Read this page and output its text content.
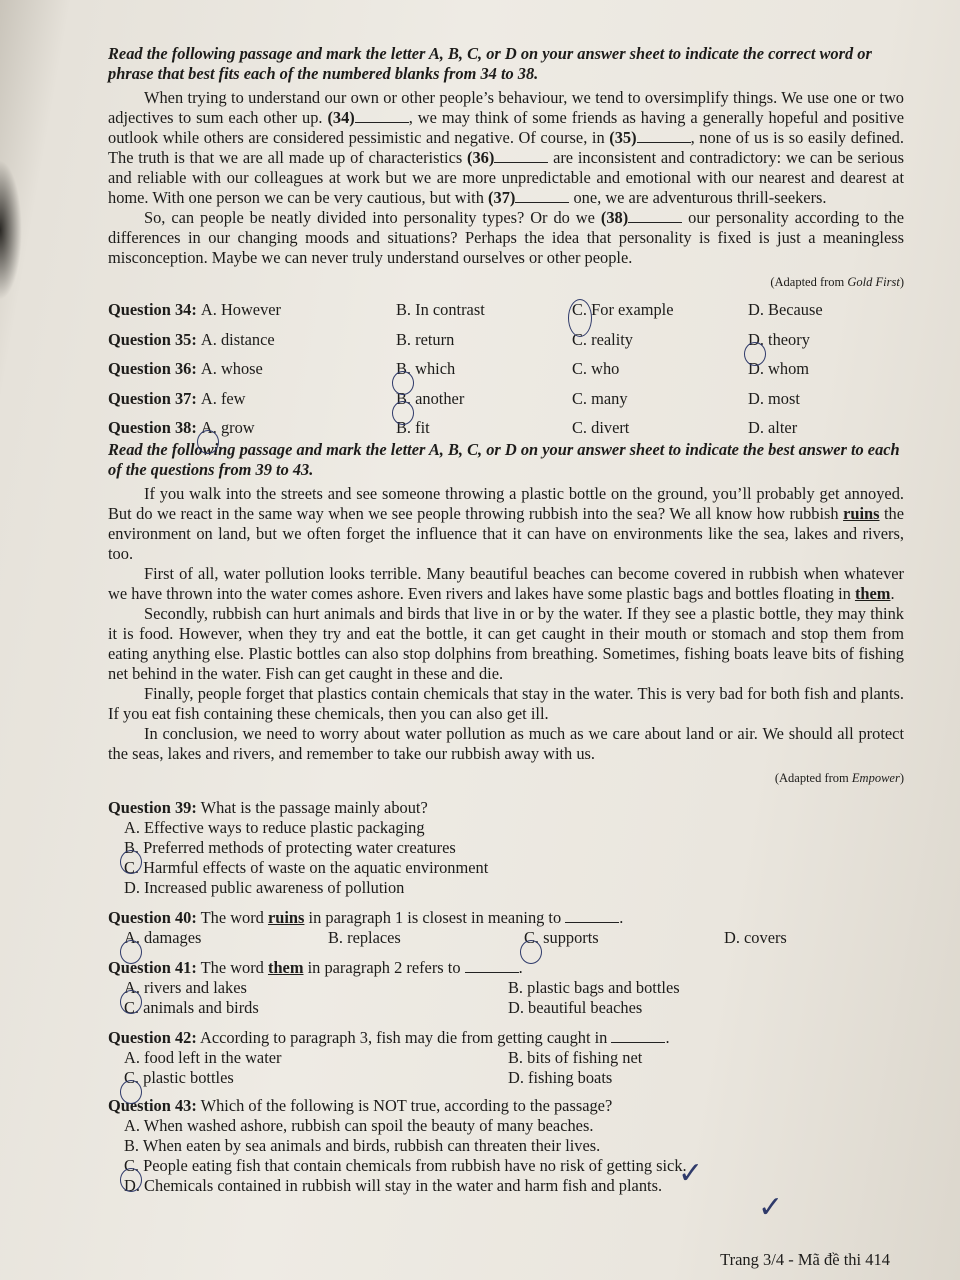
Read the following passage and mark the letter A, B, C, or D on your answer sheet to indicate the correct word or phrase that best fits each of the numbered blanks from 34 to 38.

When trying to understand our own or other people’s behaviour, we tend to oversimplify things. We use one or two adjectives to sum each other up. (34)	, we may think of some friends as having a generally hopeful and positive outlook while others are considered pessimistic and negative. Of course, in (35)	, none of us is so easily defined. The truth is that we are all made up of characteristics (36)	are inconsistent and contradictory: we can be serious and reliable with our colleagues at work but we are more unpredictable and emotional with our nearest and dearest at home. With one person we can be very cautious, but with (37)	one, we are adventurous thrill-seekers.

So, can people be neatly divided into personality types? Or do we (38)	our personality according to the differences in our changing moods and situations? Perhaps the idea that personality is fixed is just a meaningless misconception. Maybe we can never truly understand ourselves or other people.

(Adapted from Gold First)
Question 34: A. However	B. In contrast	C. For example	D. Because
Question 35: A. distance	B. return	C. reality	D. theory
Question 36: A. whose	B. which	C. who	D. whom
Question 37: A. few	B. another	C. many	D. most
Question 38: A. grow	B. fit	C. divert	D. alter

Read the following passage and mark the letter A, B, C, or D on your answer sheet to indicate the best answer to each of the questions from 39 to 43.

If you walk into the streets and see someone throwing a plastic bottle on the ground, you’ll probably get annoyed. But do we react in the same way when we see people throwing rubbish into the sea? We all know how rubbish ruins the environment on land, but we often forget the influence that it can have on environments like the sea, lakes and rivers, too.

First of all, water pollution looks terrible. Many beautiful beaches can become covered in rubbish when whatever we have thrown into the water comes ashore. Even rivers and lakes have some plastic bags and bottles floating in them.

Secondly, rubbish can hurt animals and birds that live in or by the water. If they see a plastic bottle, they may think it is food. However, when they try and eat the bottle, it can get caught in their mouth or stomach and stop them from eating anything else. Plastic bottles can also stop dolphins from breathing. Sometimes, fishing boats leave bits of fishing net behind in the water. Fish can get caught in these and die.

Finally, people forget that plastics contain chemicals that stay in the water. This is very bad for both fish and plants. If you eat fish containing these chemicals, then you can also get ill.

In conclusion, we need to worry about water pollution as much as we care about land or air. We should all protect the seas, lakes and rivers, and remember to take our rubbish away with us.

(Adapted from Empower)
Question 39: What is the passage mainly about?
A. Effective ways to reduce plastic packaging
B. Preferred methods of protecting water creatures
C. Harmful effects of waste on the aquatic environment
D. Increased public awareness of pollution
Question 40: The word ruins in paragraph 1 is closest in meaning to	.
A. damages	B. replaces	C. supports	D. covers
Question 41: The word them in paragraph 2 refers to	.
A. rivers and lakes	B. plastic bags and bottles
C. animals and birds	D. beautiful beaches
Question 42: According to paragraph 3, fish may die from getting caught in	.
A. food left in the water	B. bits of fishing net
C. plastic bottles	D. fishing boats
Question 43: Which of the following is NOT true, according to the passage?
A. When washed ashore, rubbish can spoil the beauty of many beaches.
B. When eaten by sea animals and birds, rubbish can threaten their lives.
C. People eating fish that contain chemicals from rubbish have no risk of getting sick.
D. Chemicals contained in rubbish will stay in the water and harm fish and plants. ✓
✓
Trang 3/4 - Mã đề thi 414
